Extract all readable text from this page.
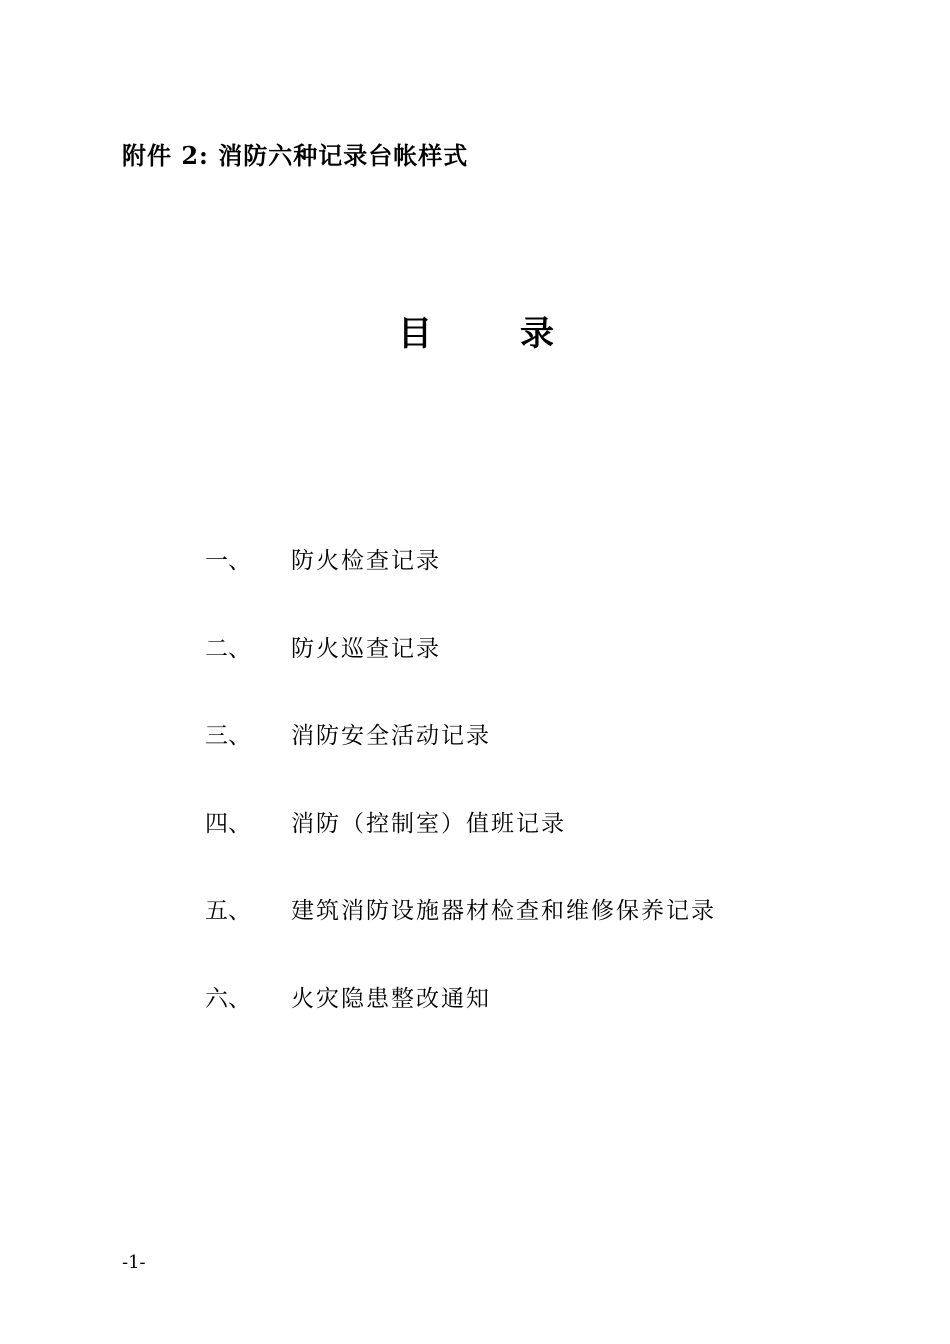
附件 2: 消防六种记录台帐样式
目	录
一、 防火检查记录
二、 防火巡查记录
三、 消防安全活动记录
四、 消防（控制室）值班记录
五、 建筑消防设施器材检查和维修保养记录
六、 火灾隐患整改通知
-1-
